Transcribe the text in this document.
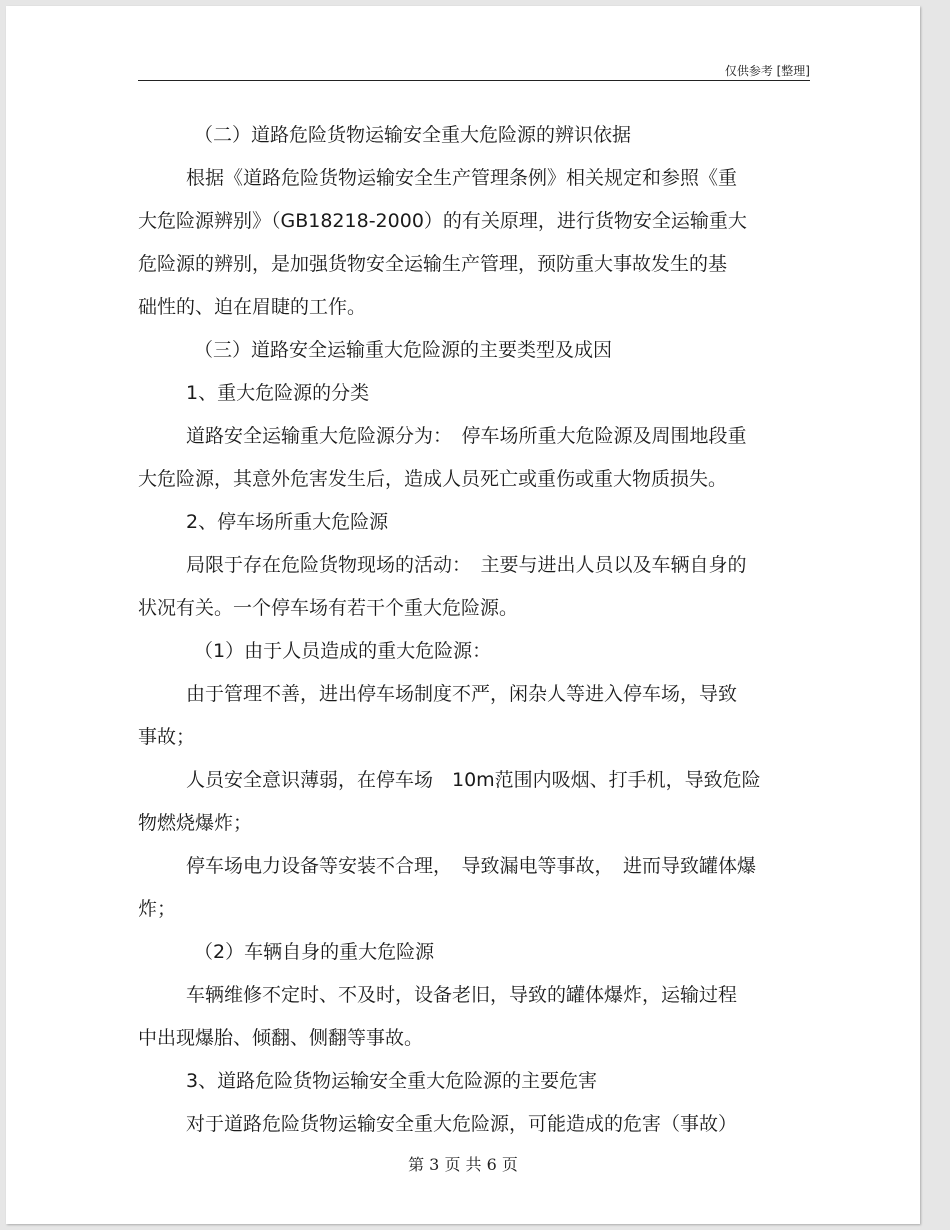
仅供参考 [整理]
（二）道路危险货物运输安全重大危险源的辨识依据
根据《道路危险货物运输安全生产管理条例》相关规定和参照《重
大危险源辨别》（GB18218-2000）的有关原理，进行货物安全运输重大
危险源的辨别，是加强货物安全运输生产管理，预防重大事故发生的基
础性的、迫在眉睫的工作。
（三）道路安全运输重大危险源的主要类型及成因
1、重大危险源的分类
道路安全运输重大危险源分为：　停车场所重大危险源及周围地段重
大危险源，其意外危害发生后，造成人员死亡或重伤或重大物质损失。
2、停车场所重大危险源
局限于存在危险货物现场的活动：　主要与进出人员以及车辆自身的
状况有关。一个停车场有若干个重大危险源。
（1）由于人员造成的重大危险源：
由于管理不善，进出停车场制度不严，闲杂人等进入停车场，导致
事故；
人员安全意识薄弱，在停车场　10m范围内吸烟、打手机，导致危险
物燃烧爆炸；
停车场电力设备等安装不合理，　导致漏电等事故，　进而导致罐体爆
炸；
（2）车辆自身的重大危险源
车辆维修不定时、不及时，设备老旧，导致的罐体爆炸，运输过程
中出现爆胎、倾翻、侧翻等事故。
3、道路危险货物运输安全重大危险源的主要危害
对于道路危险货物运输安全重大危险源，可能造成的危害（事故）
第 3 页 共 6 页
